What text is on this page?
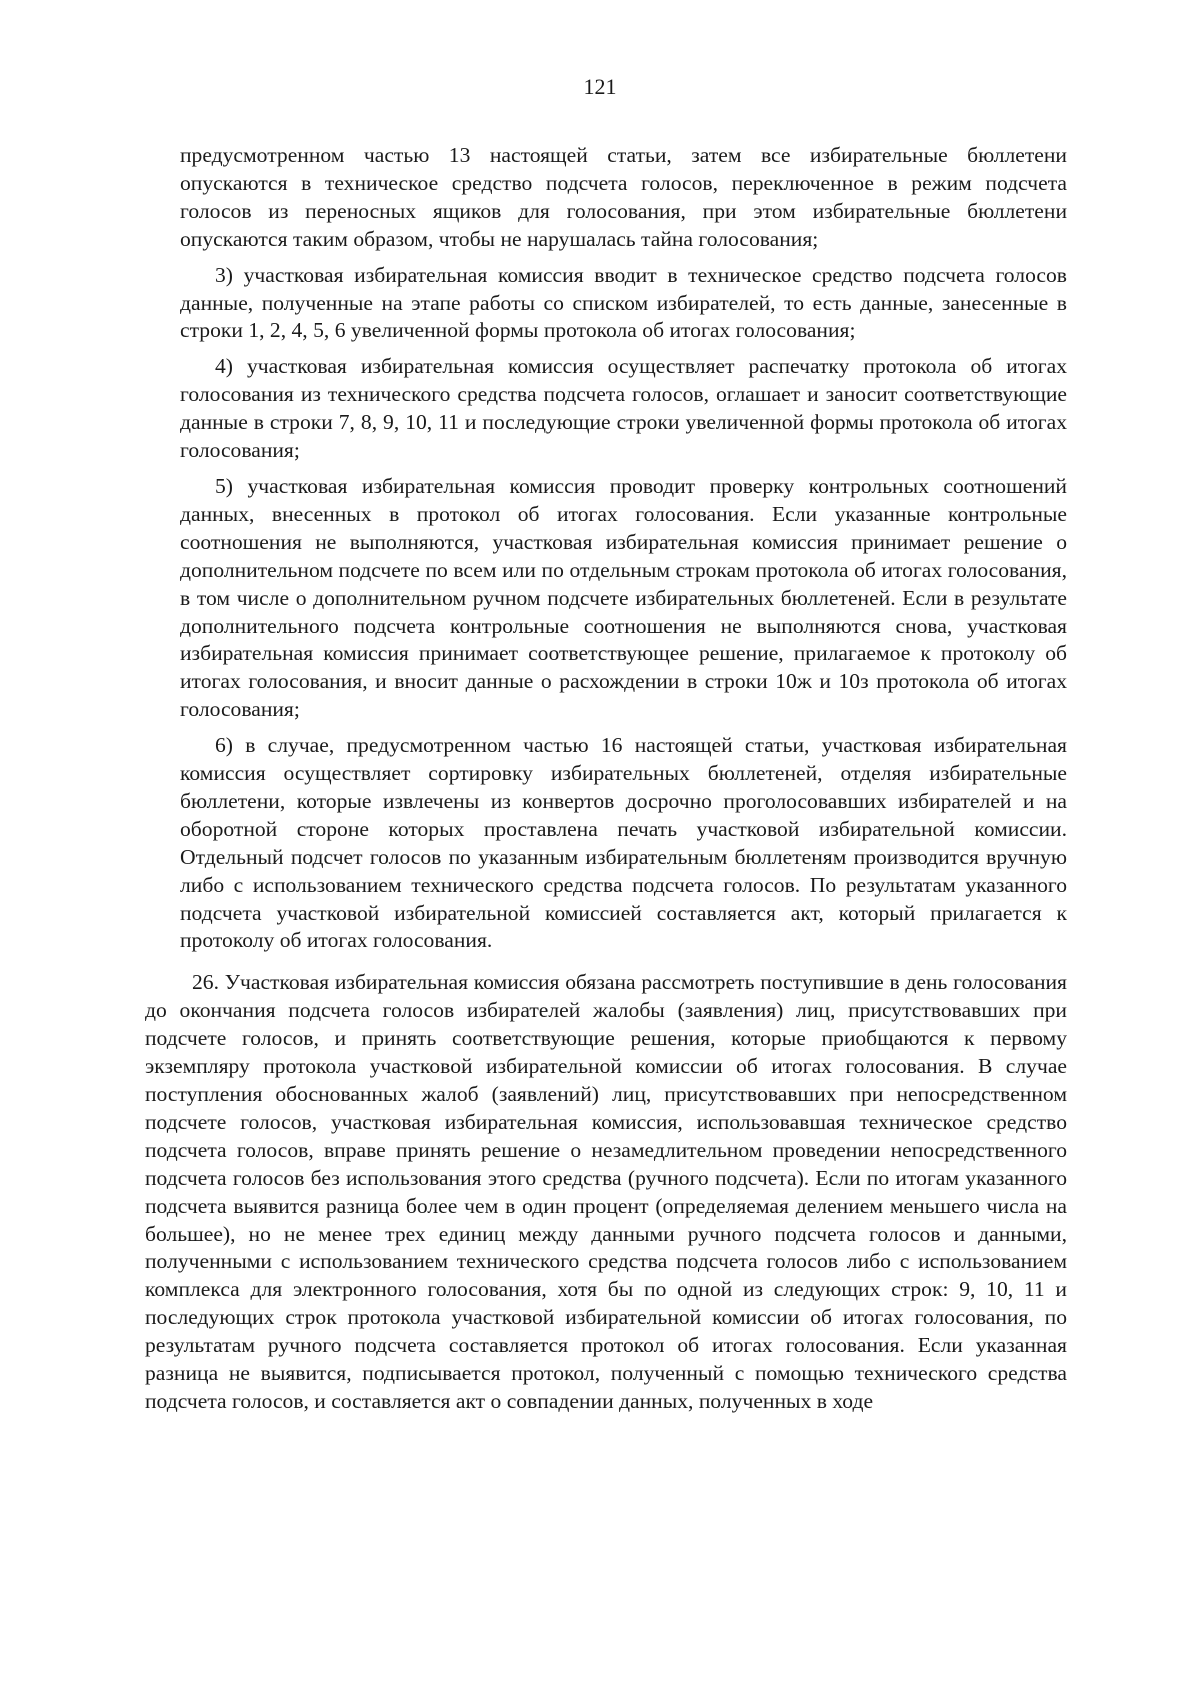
121

предусмотренном частью 13 настоящей статьи, затем все избирательные бюллетени опускаются в техническое средство подсчета голосов, переключенное в режим подсчета голосов из переносных ящиков для голосования, при этом избирательные бюллетени опускаются таким образом, чтобы не нарушалась тайна голосования;

3) участковая избирательная комиссия вводит в техническое средство подсчета голосов данные, полученные на этапе работы со списком избирателей, то есть данные, занесенные в строки 1, 2, 4, 5, 6 увеличенной формы протокола об итогах голосования;

4) участковая избирательная комиссия осуществляет распечатку протокола об итогах голосования из технического средства подсчета голосов, оглашает и заносит соответствующие данные в строки 7, 8, 9, 10, 11 и последующие строки увеличенной формы протокола об итогах голосования;

5) участковая избирательная комиссия проводит проверку контрольных соотношений данных, внесенных в протокол об итогах голосования. Если указанные контрольные соотношения не выполняются, участковая избирательная комиссия принимает решение о дополнительном подсчете по всем или по отдельным строкам протокола об итогах голосования, в том числе о дополнительном ручном подсчете избирательных бюллетеней. Если в результате дополнительного подсчета контрольные соотношения не выполняются снова, участковая избирательная комиссия принимает соответствующее решение, прилагаемое к протоколу об итогах голосования, и вносит данные о расхождении в строки 10ж и 10з протокола об итогах голосования;

6) в случае, предусмотренном частью 16 настоящей статьи, участковая избирательная комиссия осуществляет сортировку избирательных бюллетеней, отделяя избирательные бюллетени, которые извлечены из конвертов досрочно проголосовавших избирателей и на оборотной стороне которых проставлена печать участковой избирательной комиссии. Отдельный подсчет голосов по указанным избирательным бюллетеням производится вручную либо с использованием технического средства подсчета голосов. По результатам указанного подсчета участковой избирательной комиссией составляется акт, который прилагается к протоколу об итогах голосования.

26. Участковая избирательная комиссия обязана рассмотреть поступившие в день голосования до окончания подсчета голосов избирателей жалобы (заявления) лиц, присутствовавших при подсчете голосов, и принять соответствующие решения, которые приобщаются к первому экземпляру протокола участковой избирательной комиссии об итогах голосования. В случае поступления обоснованных жалоб (заявлений) лиц, присутствовавших при непосредственном подсчете голосов, участковая избирательная комиссия, использовавшая техническое средство подсчета голосов, вправе принять решение о незамедлительном проведении непосредственного подсчета голосов без использования этого средства (ручного подсчета). Если по итогам указанного подсчета выявится разница более чем в один процент (определяемая делением меньшего числа на большее), но не менее трех единиц между данными ручного подсчета голосов и данными, полученными с использованием технического средства подсчета голосов либо с использованием комплекса для электронного голосования, хотя бы по одной из следующих строк: 9, 10, 11 и последующих строк протокола участковой избирательной комиссии об итогах голосования, по результатам ручного подсчета составляется протокол об итогах голосования. Если указанная разница не выявится, подписывается протокол, полученный с помощью технического средства подсчета голосов, и составляется акт о совпадении данных, полученных в ходе
